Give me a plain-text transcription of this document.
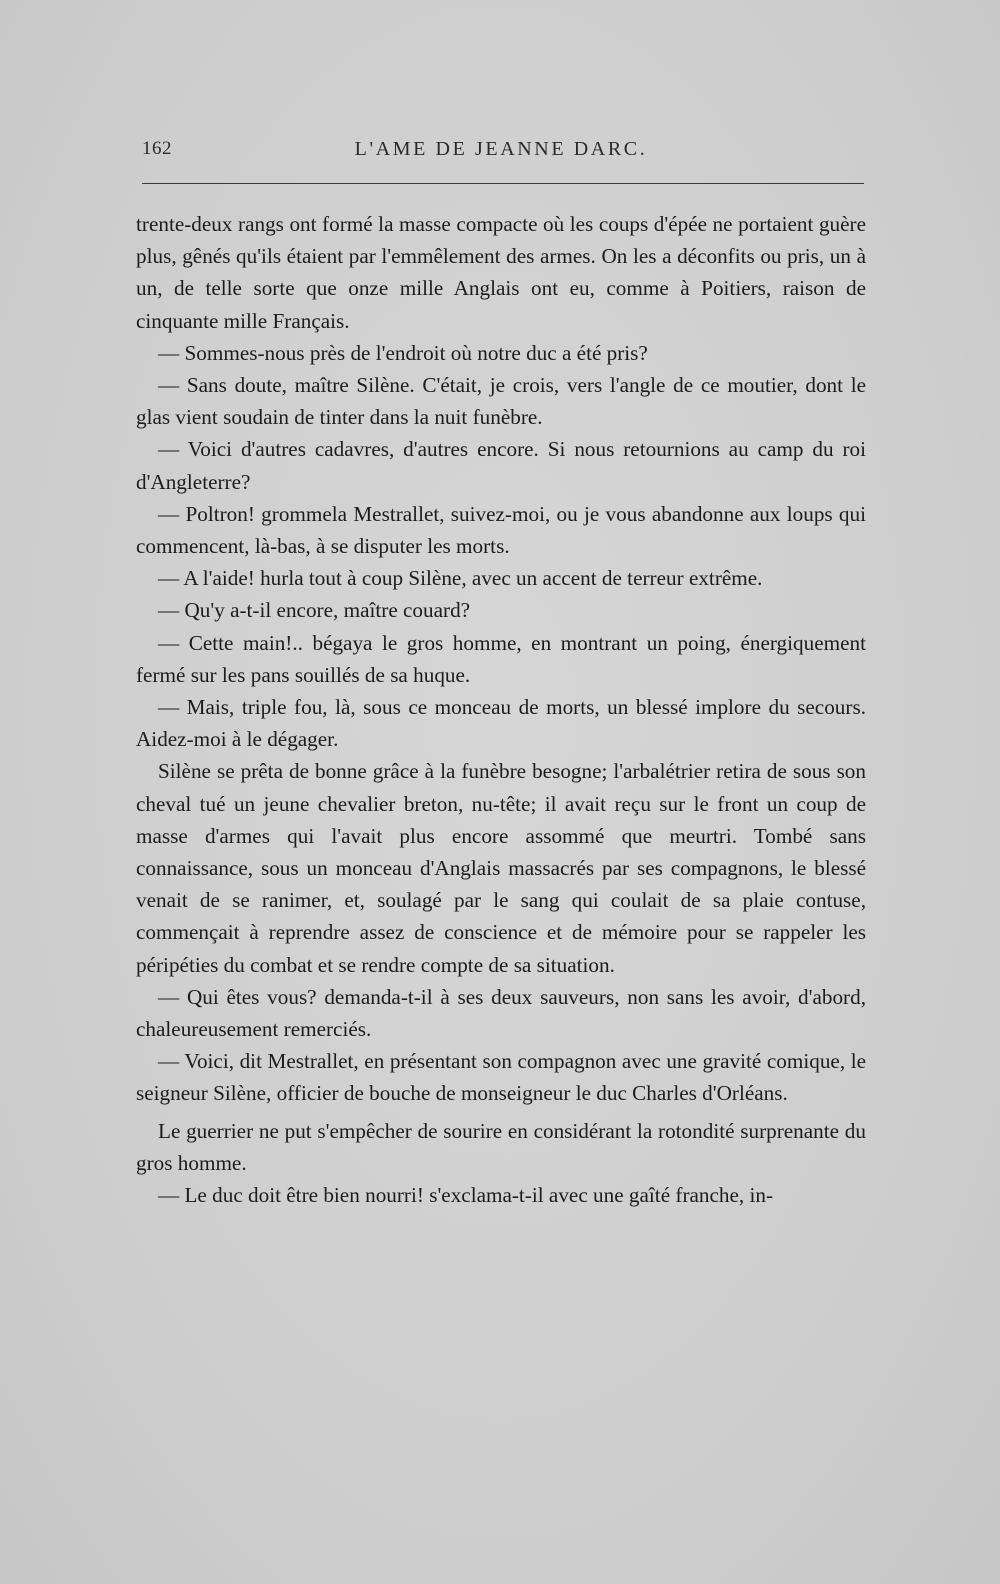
162	L'AME DE JEANNE DARC.

trente-deux rangs ont formé la masse compacte où les coups d'épée ne portaient guère plus, gênés qu'ils étaient par l'emmêlement des armes. On les a déconfits ou pris, un à un, de telle sorte que onze mille Anglais ont eu, comme à Poitiers, raison de cinquante mille Français.

— Sommes-nous près de l'endroit où notre duc a été pris?

— Sans doute, maître Silène. C'était, je crois, vers l'angle de ce moutier, dont le glas vient soudain de tinter dans la nuit funèbre.

— Voici d'autres cadavres, d'autres encore. Si nous retournions au camp du roi d'Angleterre?

— Poltron! grommela Mestrallet, suivez-moi, ou je vous abandonne aux loups qui commencent, là-bas, à se disputer les morts.

— A l'aide! hurla tout à coup Silène, avec un accent de terreur extrême.

— Qu'y a-t-il encore, maître couard?

— Cette main!.. bégaya le gros homme, en montrant un poing, énergiquement fermé sur les pans souillés de sa huque.

— Mais, triple fou, là, sous ce monceau de morts, un blessé implore du secours. Aidez-moi à le dégager.

Silène se prêta de bonne grâce à la funèbre besogne; l'arbalétrier retira de sous son cheval tué un jeune chevalier breton, nu-tête; il avait reçu sur le front un coup de masse d'armes qui l'avait plus encore assommé que meurtri. Tombé sans connaissance, sous un monceau d'Anglais massacrés par ses compagnons, le blessé venait de se ranimer, et, soulagé par le sang qui coulait de sa plaie contuse, commençait à reprendre assez de conscience et de mémoire pour se rappeler les péripéties du combat et se rendre compte de sa situation.

— Qui êtes vous? demanda-t-il à ses deux sauveurs, non sans les avoir, d'abord, chaleureusement remerciés.

— Voici, dit Mestrallet, en présentant son compagnon avec une gravité comique, le seigneur Silène, officier de bouche de monseigneur le duc Charles d'Orléans.

Le guerrier ne put s'empêcher de sourire en considérant la rotondité surprenante du gros homme.

— Le duc doit être bien nourri! s'exclama-t-il avec une gaîté franche, in-
